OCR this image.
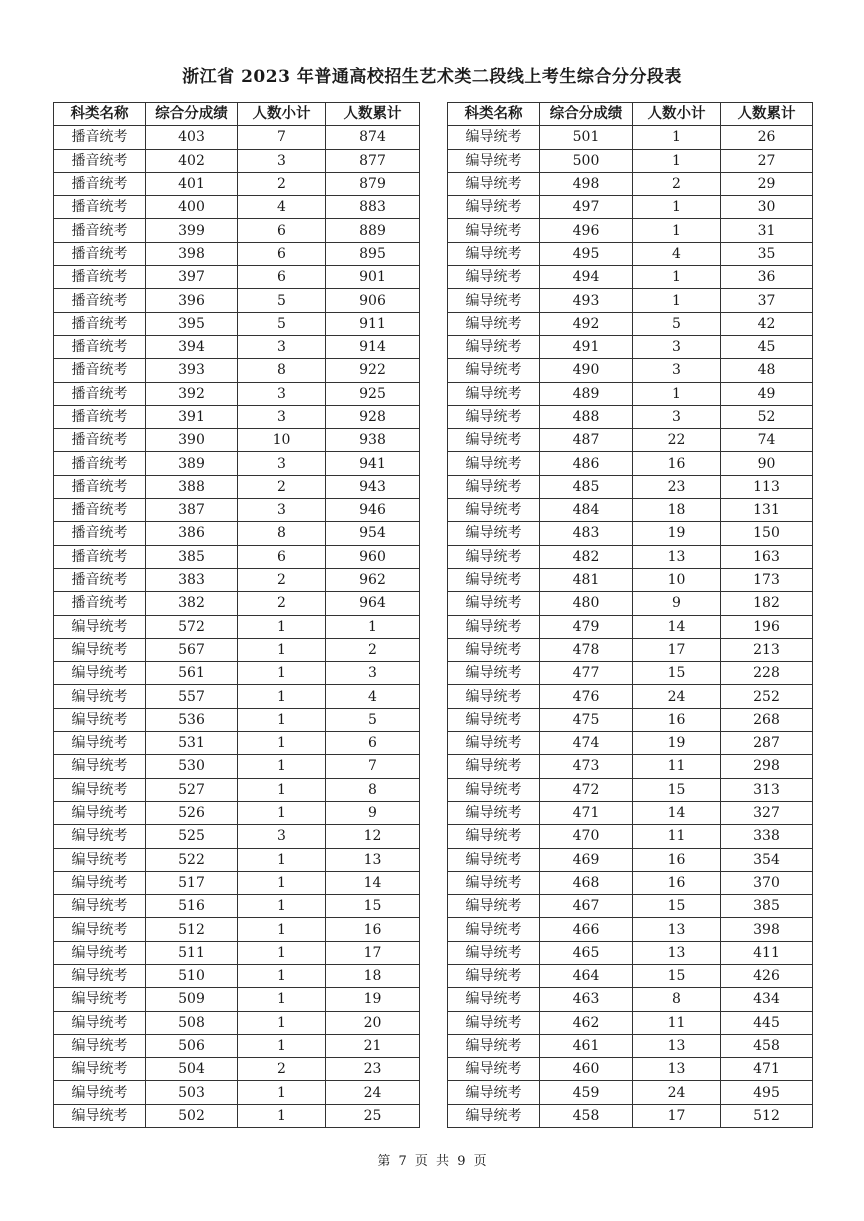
浙江省 2023 年普通高校招生艺术类二段线上考生综合分分段表
科类名称	综合分成绩	人数小计	人数累计
播音统考	403	7	874
播音统考	402	3	877
播音统考	401	2	879
播音统考	400	4	883
播音统考	399	6	889
播音统考	398	6	895
播音统考	397	6	901
播音统考	396	5	906
播音统考	395	5	911
播音统考	394	3	914
播音统考	393	8	922
播音统考	392	3	925
播音统考	391	3	928
播音统考	390	10	938
播音统考	389	3	941
播音统考	388	2	943
播音统考	387	3	946
播音统考	386	8	954
播音统考	385	6	960
播音统考	383	2	962
播音统考	382	2	964
编导统考	572	1	1
编导统考	567	1	2
编导统考	561	1	3
编导统考	557	1	4
编导统考	536	1	5
编导统考	531	1	6
编导统考	530	1	7
编导统考	527	1	8
编导统考	526	1	9
编导统考	525	3	12
编导统考	522	1	13
编导统考	517	1	14
编导统考	516	1	15
编导统考	512	1	16
编导统考	511	1	17
编导统考	510	1	18
编导统考	509	1	19
编导统考	508	1	20
编导统考	506	1	21
编导统考	504	2	23
编导统考	503	1	24
编导统考	502	1	25
科类名称	综合分成绩	人数小计	人数累计
编导统考	501	1	26
编导统考	500	1	27
编导统考	498	2	29
编导统考	497	1	30
编导统考	496	1	31
编导统考	495	4	35
编导统考	494	1	36
编导统考	493	1	37
编导统考	492	5	42
编导统考	491	3	45
编导统考	490	3	48
编导统考	489	1	49
编导统考	488	3	52
编导统考	487	22	74
编导统考	486	16	90
编导统考	485	23	113
编导统考	484	18	131
编导统考	483	19	150
编导统考	482	13	163
编导统考	481	10	173
编导统考	480	9	182
编导统考	479	14	196
编导统考	478	17	213
编导统考	477	15	228
编导统考	476	24	252
编导统考	475	16	268
编导统考	474	19	287
编导统考	473	11	298
编导统考	472	15	313
编导统考	471	14	327
编导统考	470	11	338
编导统考	469	16	354
编导统考	468	16	370
编导统考	467	15	385
编导统考	466	13	398
编导统考	465	13	411
编导统考	464	15	426
编导统考	463	8	434
编导统考	462	11	445
编导统考	461	13	458
编导统考	460	13	471
编导统考	459	24	495
编导统考	458	17	512
第 7 页 共 9 页
